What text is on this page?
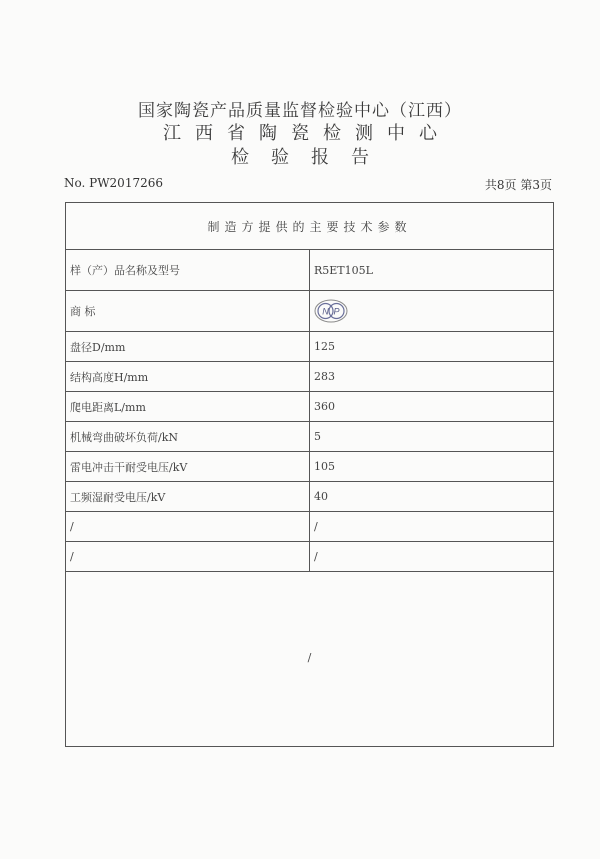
国家陶瓷产品质量监督检验中心（江西）
江西省陶瓷检测中心
检验报告
No. PW2017266	共8页 第3页
制造方提供的主要技术参数	
样（产）品名称及型号	R5ET105L
商 标	N P

盘径D/mm	125
结构高度H/mm	283
爬电距离L/mm	360
机械弯曲破坏负荷/kN	5
雷电冲击干耐受电压/kV	105
工频湿耐受电压/kV	40
/	/
/	/
/	
